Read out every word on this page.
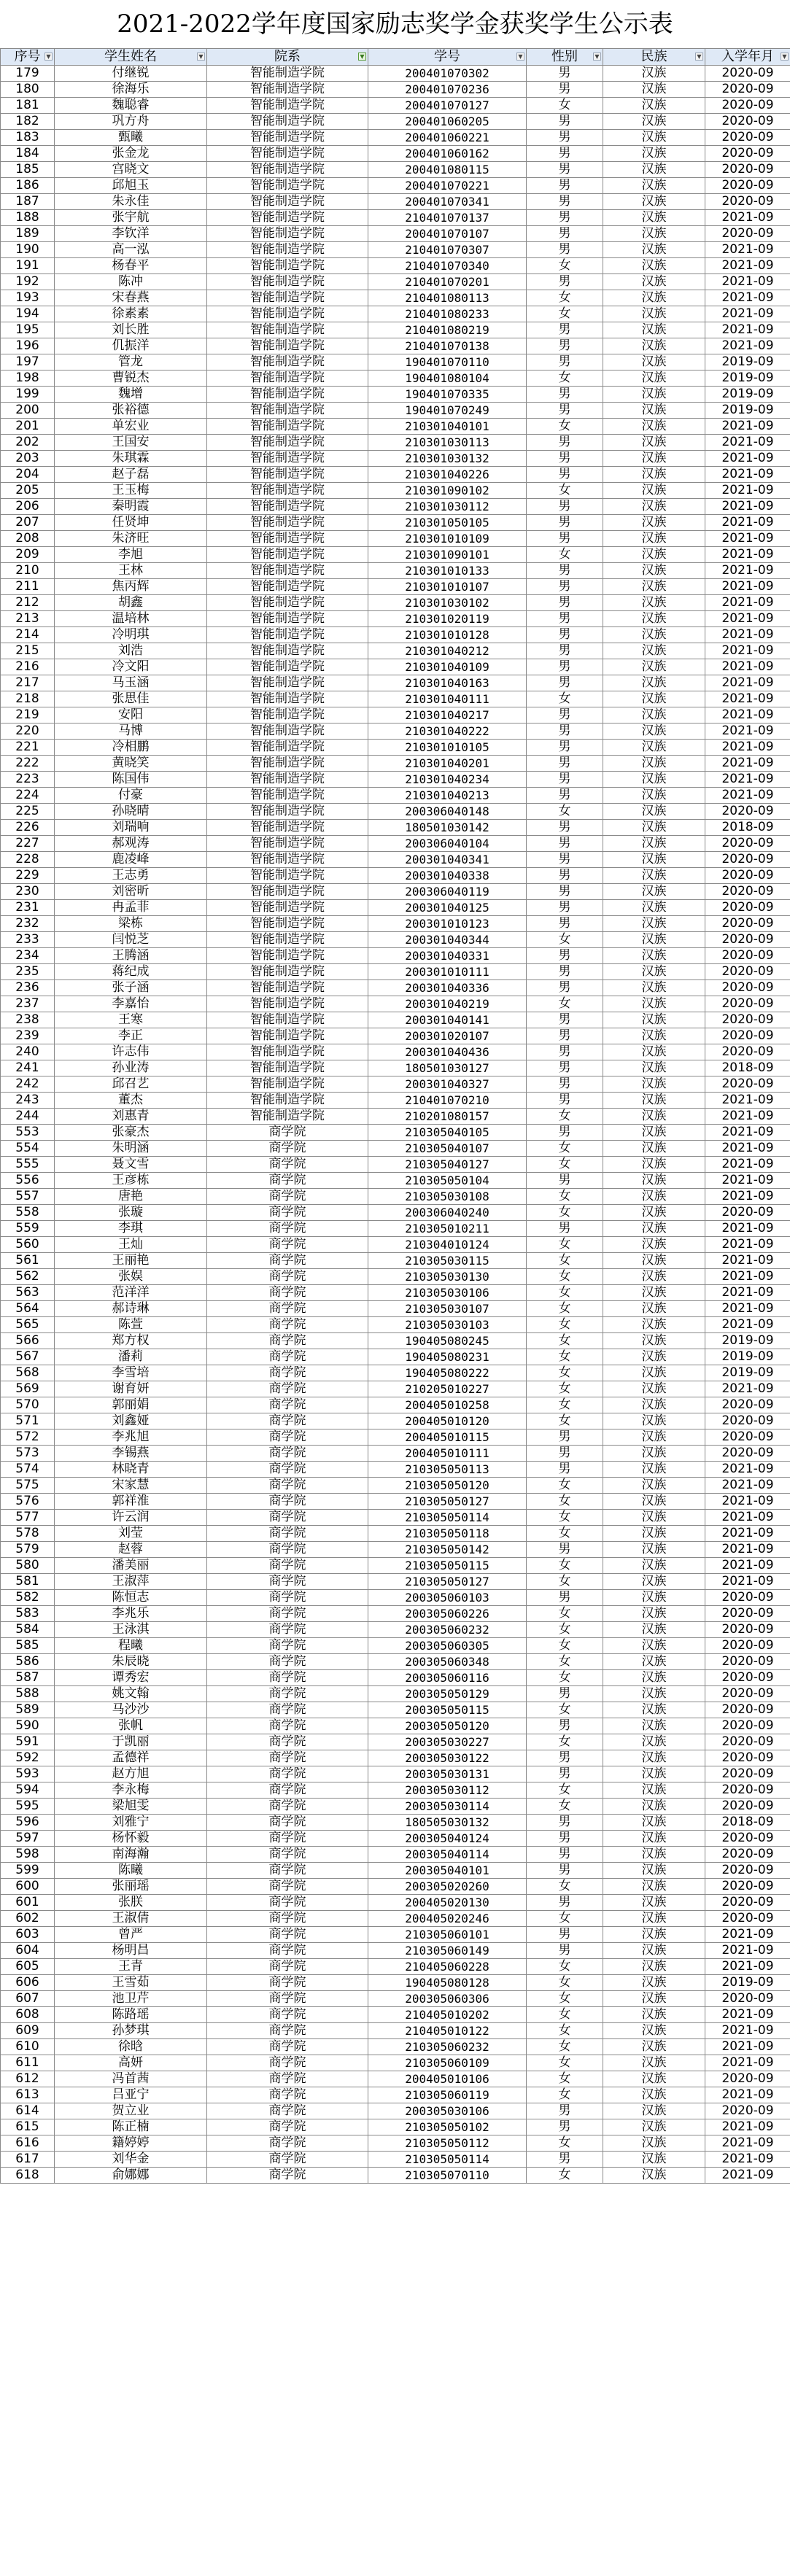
2021-2022学年度国家励志奖学金获奖学生公示表
序号 ▼	学生姓名 ▼	院系 ▼	学号 ▼	性别 ▼	民族 ▼	入学年月 ▼

179	付继锐	智能制造学院	200401070302	男	汉族	2020-09
180	徐海乐	智能制造学院	200401070236	男	汉族	2020-09
181	魏聪睿	智能制造学院	200401070127	女	汉族	2020-09
182	巩方舟	智能制造学院	200401060205	男	汉族	2020-09
183	甄曦	智能制造学院	200401060221	男	汉族	2020-09
184	张金龙	智能制造学院	200401060162	男	汉族	2020-09
185	宫晓文	智能制造学院	200401080115	男	汉族	2020-09
186	邱旭玉	智能制造学院	200401070221	男	汉族	2020-09
187	朱永佳	智能制造学院	200401070341	男	汉族	2020-09
188	张宇航	智能制造学院	210401070137	男	汉族	2021-09
189	李钦洋	智能制造学院	200401070107	男	汉族	2020-09
190	高一泓	智能制造学院	210401070307	男	汉族	2021-09
191	杨春平	智能制造学院	210401070340	女	汉族	2021-09
192	陈冲	智能制造学院	210401070201	男	汉族	2021-09
193	宋春燕	智能制造学院	210401080113	女	汉族	2021-09
194	徐素素	智能制造学院	210401080233	女	汉族	2021-09
195	刘长胜	智能制造学院	210401080219	男	汉族	2021-09
196	仉振洋	智能制造学院	210401070138	男	汉族	2021-09
197	管龙	智能制造学院	190401070110	男	汉族	2019-09
198	曹锐杰	智能制造学院	190401080104	女	汉族	2019-09
199	魏增	智能制造学院	190401070335	男	汉族	2019-09
200	张裕德	智能制造学院	190401070249	男	汉族	2019-09
201	单宏业	智能制造学院	210301040101	女	汉族	2021-09
202	王国安	智能制造学院	210301030113	男	汉族	2021-09
203	朱琪霖	智能制造学院	210301030132	男	汉族	2021-09
204	赵子磊	智能制造学院	210301040226	男	汉族	2021-09
205	王玉梅	智能制造学院	210301090102	女	汉族	2021-09
206	秦明霞	智能制造学院	210301030112	男	汉族	2021-09
207	任贤坤	智能制造学院	210301050105	男	汉族	2021-09
208	朱济旺	智能制造学院	210301010109	男	汉族	2021-09
209	李旭	智能制造学院	210301090101	女	汉族	2021-09
210	王林	智能制造学院	210301010133	男	汉族	2021-09
211	焦丙辉	智能制造学院	210301010107	男	汉族	2021-09
212	胡鑫	智能制造学院	210301030102	男	汉族	2021-09
213	温培林	智能制造学院	210301020119	男	汉族	2021-09
214	冷明琪	智能制造学院	210301010128	男	汉族	2021-09
215	刘浩	智能制造学院	210301040212	男	汉族	2021-09
216	冷文阳	智能制造学院	210301040109	男	汉族	2021-09
217	马玉涵	智能制造学院	210301040163	男	汉族	2021-09
218	张思佳	智能制造学院	210301040111	女	汉族	2021-09
219	安阳	智能制造学院	210301040217	男	汉族	2021-09
220	马博	智能制造学院	210301040222	男	汉族	2021-09
221	冷相鹏	智能制造学院	210301010105	男	汉族	2021-09
222	黄晓笑	智能制造学院	210301040201	男	汉族	2021-09
223	陈国伟	智能制造学院	210301040234	男	汉族	2021-09
224	付豪	智能制造学院	210301040213	男	汉族	2021-09
225	孙晓晴	智能制造学院	200306040148	女	汉族	2020-09
226	刘瑞响	智能制造学院	180501030142	男	汉族	2018-09
227	郝观涛	智能制造学院	200306040104	男	汉族	2020-09
228	鹿凌峰	智能制造学院	200301040341	男	汉族	2020-09
229	王志勇	智能制造学院	200301040338	男	汉族	2020-09
230	刘密昕	智能制造学院	200306040119	男	汉族	2020-09
231	冉孟菲	智能制造学院	200301040125	男	汉族	2020-09
232	梁栋	智能制造学院	200301010123	男	汉族	2020-09
233	闫悦芝	智能制造学院	200301040344	女	汉族	2020-09
234	王腾涵	智能制造学院	200301040331	男	汉族	2020-09
235	蒋纪成	智能制造学院	200301010111	男	汉族	2020-09
236	张子涵	智能制造学院	200301040336	男	汉族	2020-09
237	李嘉怡	智能制造学院	200301040219	女	汉族	2020-09
238	王寒	智能制造学院	200301040141	男	汉族	2020-09
239	李正	智能制造学院	200301020107	男	汉族	2020-09
240	许志伟	智能制造学院	200301040436	男	汉族	2020-09
241	孙业涛	智能制造学院	180501030127	男	汉族	2018-09
242	邱召艺	智能制造学院	200301040327	男	汉族	2020-09
243	董杰	智能制造学院	210401070210	男	汉族	2021-09
244	刘惠青	智能制造学院	210201080157	女	汉族	2021-09
553	张豪杰	商学院	210305040105	男	汉族	2021-09
554	朱明涵	商学院	210305040107	女	汉族	2021-09
555	聂文雪	商学院	210305040127	女	汉族	2021-09
556	王彦栋	商学院	210305050104	男	汉族	2021-09
557	唐艳	商学院	210305030108	女	汉族	2021-09
558	张璇	商学院	200306040240	女	汉族	2020-09
559	李琪	商学院	210305010211	男	汉族	2021-09
560	王灿	商学院	210304010124	女	汉族	2021-09
561	王丽艳	商学院	210305030115	女	汉族	2021-09
562	张娱	商学院	210305030130	女	汉族	2021-09
563	范洋洋	商学院	210305030106	女	汉族	2021-09
564	郝诗琳	商学院	210305030107	女	汉族	2021-09
565	陈萱	商学院	210305030103	女	汉族	2021-09
566	郑方权	商学院	190405080245	女	汉族	2019-09
567	潘莉	商学院	190405080231	女	汉族	2019-09
568	李雪培	商学院	190405080222	女	汉族	2019-09
569	谢育妍	商学院	210205010227	女	汉族	2021-09
570	郭丽娟	商学院	200405010258	女	汉族	2020-09
571	刘鑫娅	商学院	200405010120	女	汉族	2020-09
572	李兆旭	商学院	200405010115	男	汉族	2020-09
573	李锡燕	商学院	200405010111	男	汉族	2020-09
574	林晓青	商学院	210305050113	男	汉族	2021-09
575	宋家慧	商学院	210305050120	女	汉族	2021-09
576	郭祥淮	商学院	210305050127	女	汉族	2021-09
577	许云润	商学院	210305050114	女	汉族	2021-09
578	刘莹	商学院	210305050118	女	汉族	2021-09
579	赵蓉	商学院	210305050142	男	汉族	2021-09
580	潘美丽	商学院	210305050115	女	汉族	2021-09
581	王淑萍	商学院	210305050127	女	汉族	2021-09
582	陈恒志	商学院	200305060103	男	汉族	2020-09
583	李兆乐	商学院	200305060226	女	汉族	2020-09
584	王泳淇	商学院	200305060232	女	汉族	2020-09
585	程曦	商学院	200305060305	女	汉族	2020-09
586	朱辰晓	商学院	200305060348	女	汉族	2020-09
587	谭秀宏	商学院	200305060116	女	汉族	2020-09
588	姚文翰	商学院	200305050129	男	汉族	2020-09
589	马沙沙	商学院	200305050115	女	汉族	2020-09
590	张帆	商学院	200305050120	男	汉族	2020-09
591	于凯丽	商学院	200305030227	女	汉族	2020-09
592	孟德祥	商学院	200305030122	男	汉族	2020-09
593	赵方旭	商学院	200305030131	男	汉族	2020-09
594	李永梅	商学院	200305030112	女	汉族	2020-09
595	梁旭雯	商学院	200305030114	女	汉族	2020-09
596	刘雅宁	商学院	180505030132	男	汉族	2018-09
597	杨怀毅	商学院	200305040124	男	汉族	2020-09
598	南海瀚	商学院	200305040114	男	汉族	2020-09
599	陈曦	商学院	200305040101	男	汉族	2020-09
600	张丽瑶	商学院	200305020260	女	汉族	2020-09
601	张朕	商学院	200405020130	男	汉族	2020-09
602	王淑倩	商学院	200405020246	女	汉族	2020-09
603	曾严	商学院	210305060101	男	汉族	2021-09
604	杨明昌	商学院	210305060149	男	汉族	2021-09
605	王青	商学院	210405060228	女	汉族	2021-09
606	王雪茹	商学院	190405080128	女	汉族	2019-09
607	池卫芹	商学院	200305060306	女	汉族	2020-09
608	陈路瑶	商学院	210405010202	女	汉族	2021-09
609	孙梦琪	商学院	210405010122	女	汉族	2021-09
610	徐晗	商学院	210305060232	女	汉族	2021-09
611	高妍	商学院	210305060109	女	汉族	2021-09
612	冯首茜	商学院	200405010106	女	汉族	2020-09
613	吕亚宁	商学院	210305060119	女	汉族	2021-09
614	贺立业	商学院	200305030106	男	汉族	2020-09
615	陈正楠	商学院	210305050102	男	汉族	2021-09
616	籍婷婷	商学院	210305050112	女	汉族	2021-09
617	刘华金	商学院	210305050114	男	汉族	2021-09
618	俞娜娜	商学院	210305070110	女	汉族	2021-09
